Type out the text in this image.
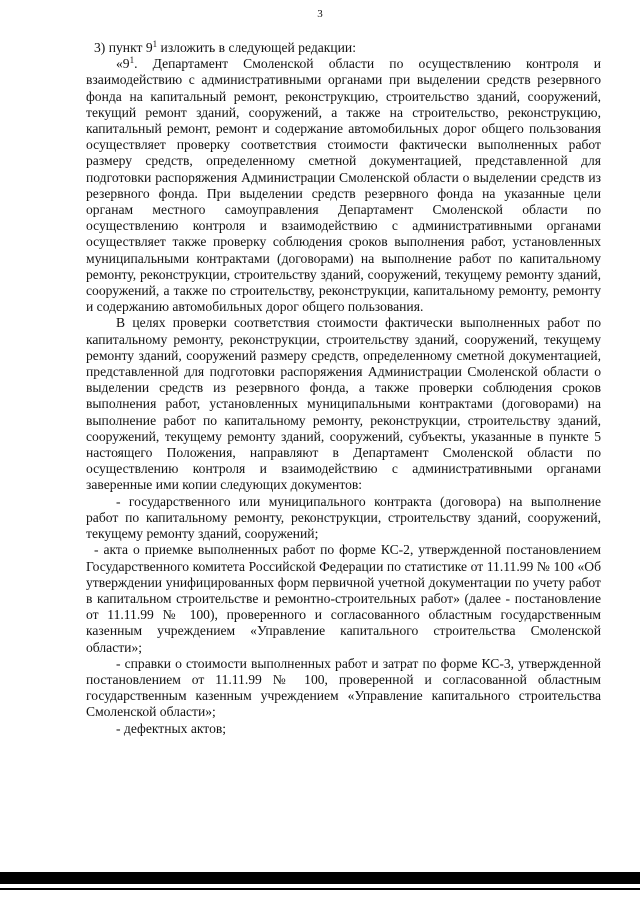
3

3) пункт $9^1$ изложить в следующей редакции:

«$9^1$. Департамент Смоленской области по осуществлению контроля и взаимодействию с административными органами при выделении средств резервного фонда на капитальный ремонт, реконструкцию, строительство зданий, сооружений, текущий ремонт зданий, сооружений, а также на строительство, реконструкцию, капитальный ремонт, ремонт и содержание автомобильных дорог общего пользования осуществляет проверку соответствия стоимости фактически выполненных работ размеру средств, определенному сметной документацией, представленной для подготовки распоряжения Администрации Смоленской области о выделении средств из резервного фонда. При выделении средств резервного фонда на указанные цели органам местного самоуправления Департамент Смоленской области по осуществлению контроля и взаимодействию с административными органами осуществляет также проверку соблюдения сроков выполнения работ, установленных муниципальными контрактами (договорами) на выполнение работ по капитальному ремонту, реконструкции, строительству зданий, сооружений, текущему ремонту зданий, сооружений, а также по строительству, реконструкции, капитальному ремонту, ремонту и содержанию автомобильных дорог общего пользования.

В целях проверки соответствия стоимости фактически выполненных работ по капитальному ремонту, реконструкции, строительству зданий, сооружений, текущему ремонту зданий, сооружений размеру средств, определенному сметной документацией, представленной для подготовки распоряжения Администрации Смоленской области о выделении средств из резервного фонда, а также проверки соблюдения сроков выполнения работ, установленных муниципальными контрактами (договорами) на выполнение работ по капитальному ремонту, реконструкции, строительству зданий, сооружений, текущему ремонту зданий, сооружений, субъекты, указанные в пункте 5 настоящего Положения, направляют в Департамент Смоленской области по осуществлению контроля и взаимодействию с административными органами заверенные ими копии следующих документов:

- государственного или муниципального контракта (договора) на выполнение работ по капитальному ремонту, реконструкции, строительству зданий, сооружений, текущему ремонту зданий, сооружений;

- акта о приемке выполненных работ по форме КС-2, утвержденной постановлением Государственного комитета Российской Федерации по статистике от 11.11.99 № 100 «Об утверждении унифицированных форм первичной учетной документации по учету работ в капитальном строительстве и ремонтно-строительных работ» (далее - постановление от 11.11.99 № 100), проверенного и согласованного областным государственным казенным учреждением «Управление капитального строительства Смоленской области»;

- справки о стоимости выполненных работ и затрат по форме КС-3, утвержденной постановлением от 11.11.99 № 100, проверенной и согласованной областным государственным казенным учреждением «Управление капитального строительства Смоленской области»;

- дефектных актов;
